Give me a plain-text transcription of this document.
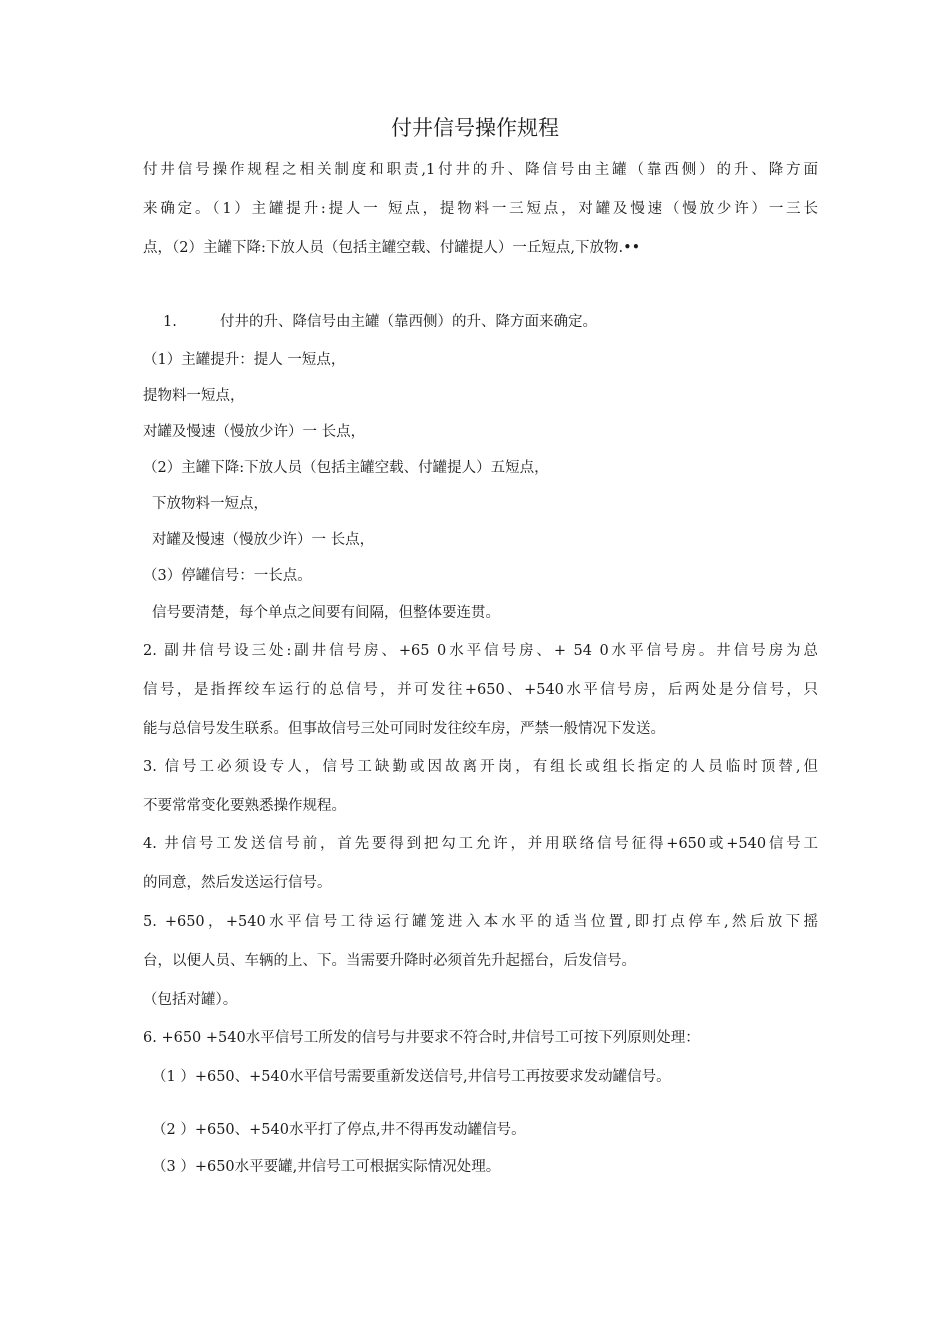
付井信号操作规程
付井信号操作规程之相关制度和职责,1付井的升、降信号由主罐（靠西侧）的升、降方面
来确定。（1）主罐提升:提人一 短点，提物料一三短点，对罐及慢速（慢放少许）一三长
点，（2）主罐下降:下放人员（包括主罐空载、付罐提人）一丘短点,下放物.••
1.	付井的升、降信号由主罐（靠西侧）的升、降方面来确定。
（1）主罐提升：提人 一短点，
提物料一短点，
对罐及慢速（慢放少许）一 长点，
（2）主罐下降:下放人员（包括主罐空载、付罐提人）五短点，
下放物料一短点，
对罐及慢速（慢放少许）一 长点，
（3）停罐信号：一长点。
信号要清楚，每个单点之间要有间隔，但整体要连贯。
2. 副井信号设三处:副井信号房、+65 0水平信号房、+ 54 0水平信号房。井信号房为总
信号，是指挥绞车运行的总信号，并可发往+650、+540水平信号房，后两处是分信号，只
能与总信号发生联系。但事故信号三处可同时发往绞车房，严禁一般情况下发送。
3. 信号工必须设专人，信号工缺勤或因故离开岗，有组长或组长指定的人员临时顶替,但
不要常常变化要熟悉操作规程。
4. 井信号工发送信号前，首先要得到把勾工允许，并用联络信号征得+650或+540信号工
的同意，然后发送运行信号。
5. +650，+540水平信号工待运行罐笼进入本水平的适当位置,即打点停车,然后放下摇
台，以便人员、车辆的上、下。当需要升降时必须首先升起摇台，后发信号。
（包括对罐）。
6. +650 +540水平信号工所发的信号与井要求不符合时,井信号工可按下列原则处理：
（1 ）+650、+540水平信号需要重新发送信号,井信号工再按要求发动罐信号。
（2 ）+650、+540水平打了停点,井不得再发动罐信号。
（3 ）+650水平要罐,井信号工可根据实际情况处理。
